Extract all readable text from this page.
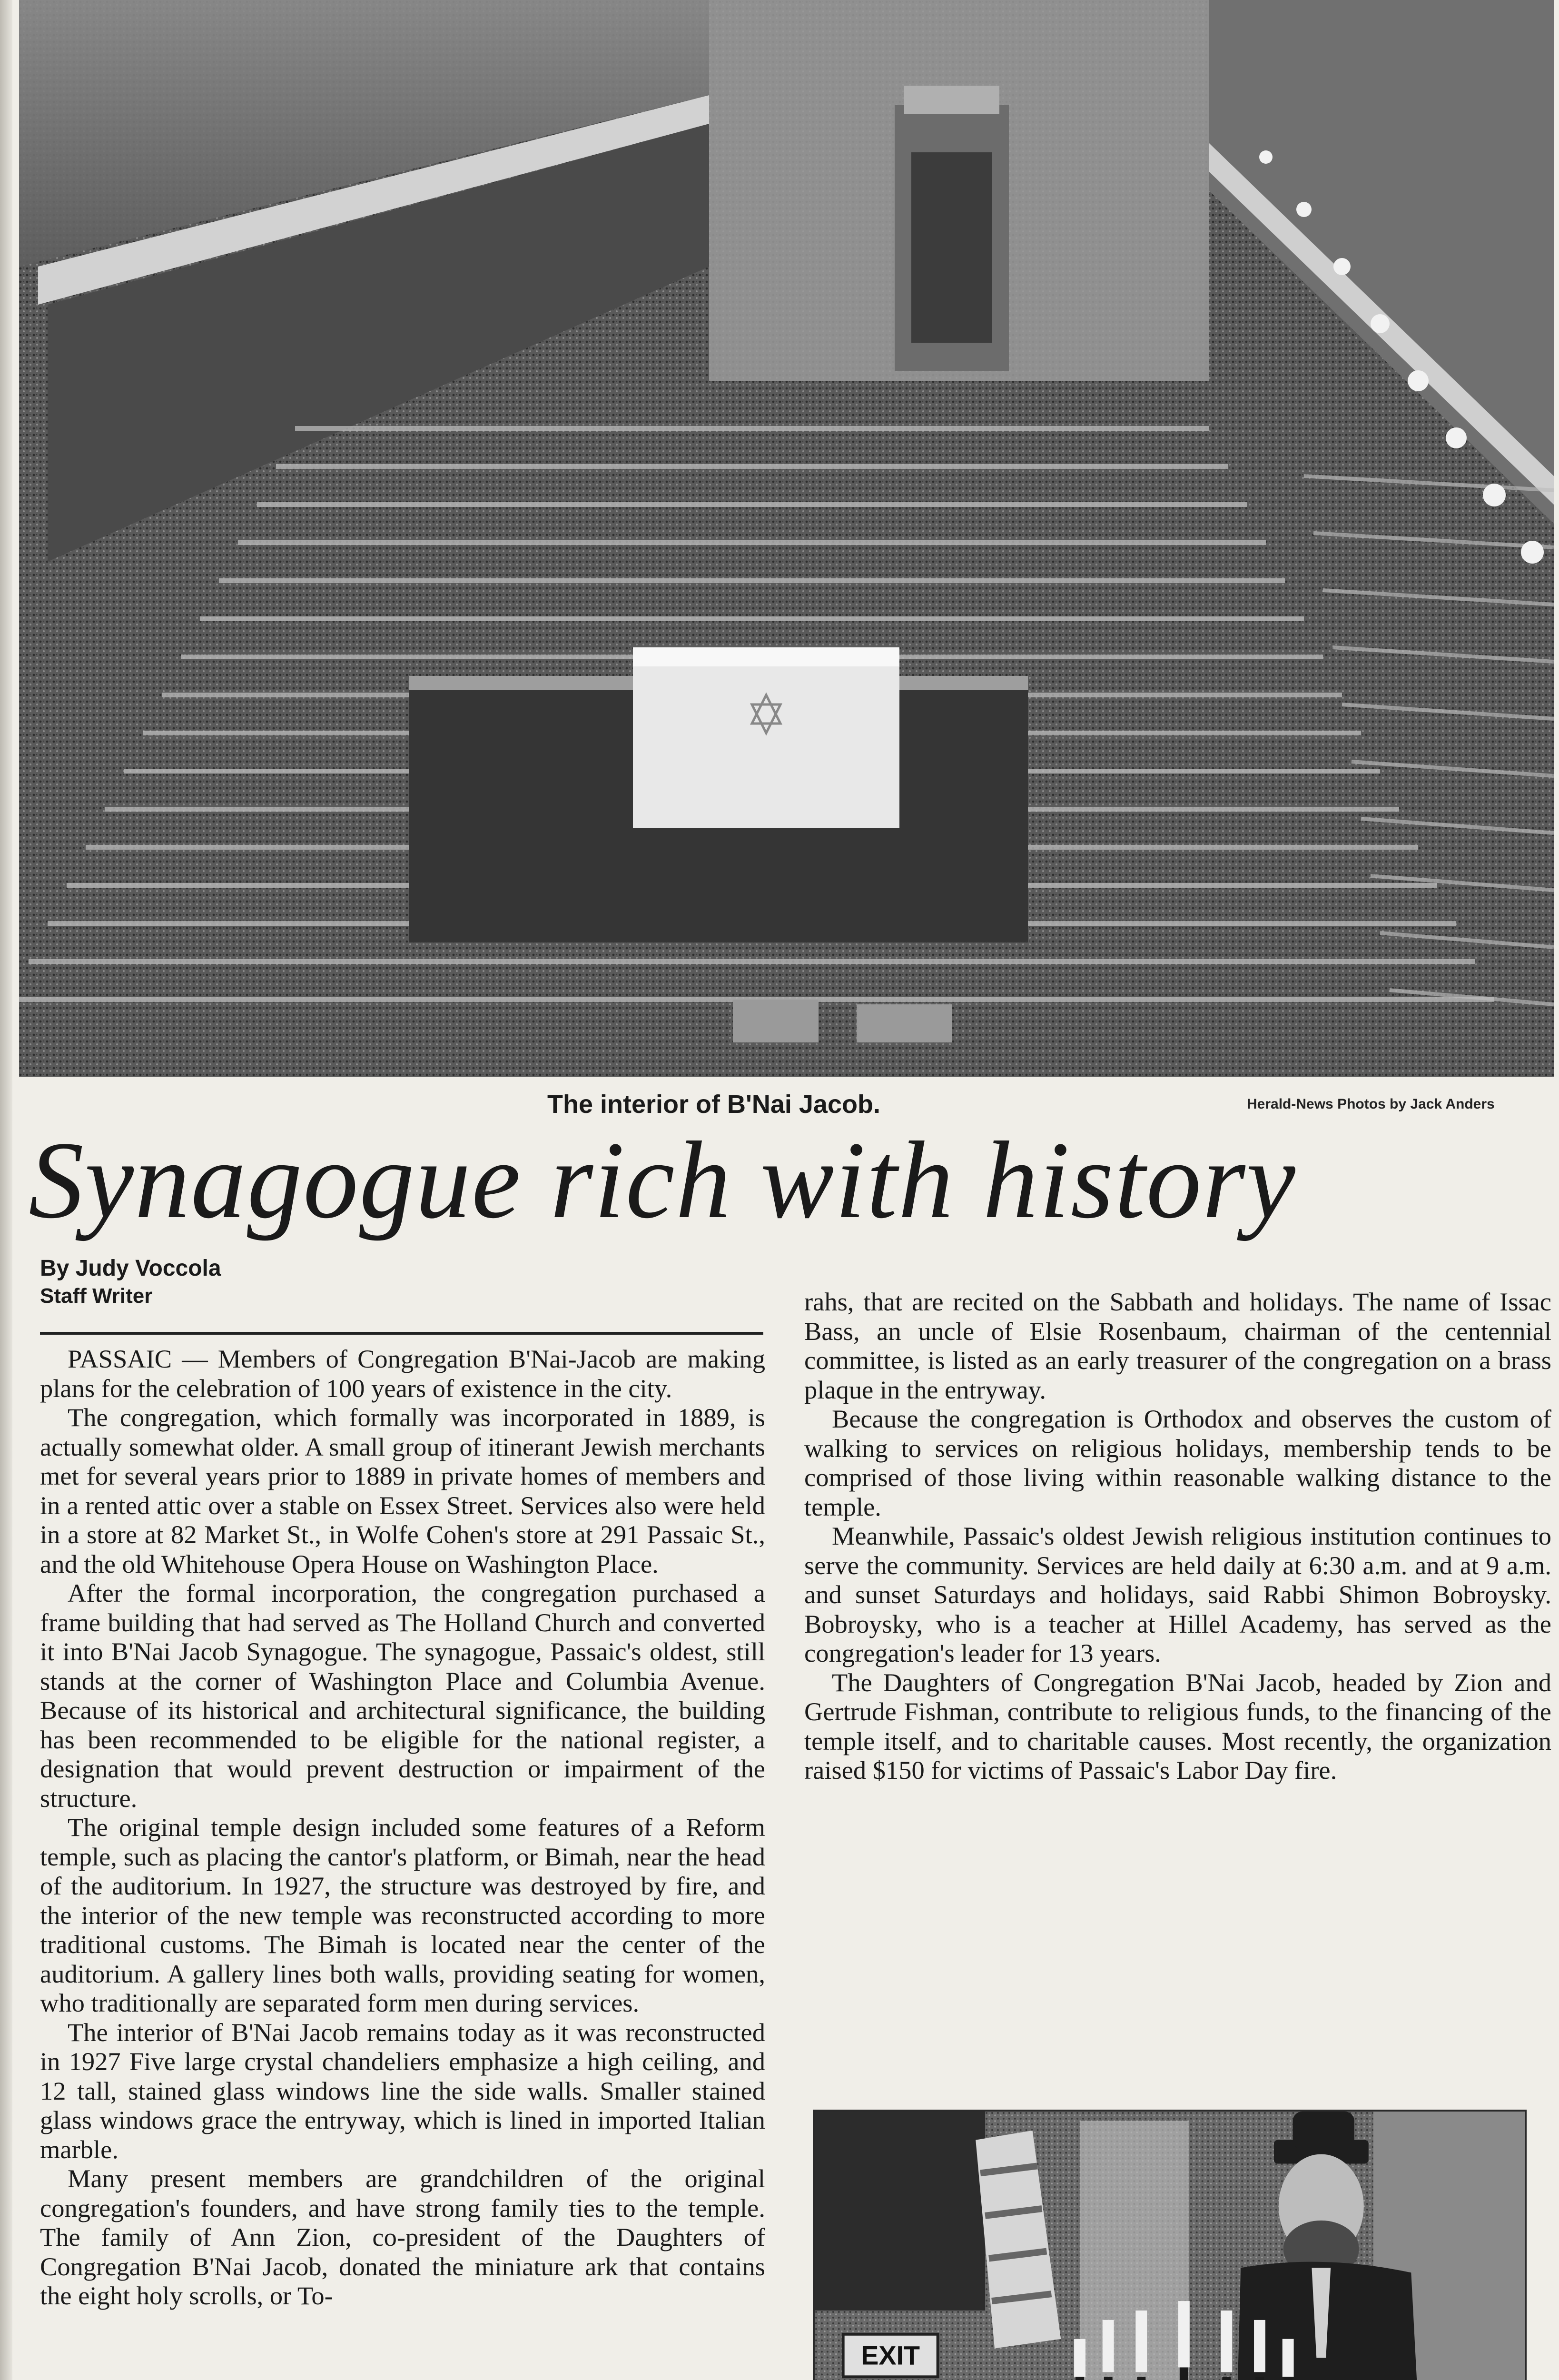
The interior of B'Nai Jacob.	Herald-News Photos by Jack Anders
Synagogue rich with history
By Judy Voccola
Staff Writer

PASSAIC — Members of Congregation B'Nai-Jacob are making plans for the celebration of 100 years of existence in the city.

The congregation, which formally was incorporated in 1889, is actually somewhat older. A small group of itinerant Jewish merchants met for several years prior to 1889 in private homes of members and in a rented attic over a stable on Essex Street. Services also were held in a store at 82 Market St., in Wolfe Cohen's store at 291 Passaic St., and the old Whitehouse Opera House on Washington Place.

After the formal incorporation, the congregation purchased a frame building that had served as The Holland Church and converted it into B'Nai Jacob Synagogue. The synagogue, Passaic's oldest, still stands at the corner of Washington Place and Columbia Avenue. Because of its historical and architectural significance, the building has been recommended to be eligible for the national register, a designation that would prevent destruction or impairment of the structure.

The original temple design included some features of a Reform temple, such as placing the cantor's platform, or Bimah, near the head of the auditorium. In 1927, the structure was destroyed by fire, and the interior of the new temple was reconstructed according to more traditional customs. The Bimah is located near the center of the auditorium. A gallery lines both walls, providing seating for women, who traditionally are separated form men during services.

The interior of B'Nai Jacob remains today as it was reconstructed in 1927 Five large crystal chandeliers emphasize a high ceiling, and 12 tall, stained glass windows line the side walls. Smaller stained glass windows grace the entryway, which is lined in imported Italian marble.

Many present members are grandchildren of the original congregation's founders, and have strong family ties to the temple. The family of Ann Zion, co-president of the Daughters of Congregation B'Nai Jacob, donated the miniature ark that contains the eight holy scrolls, or To-

rahs, that are recited on the Sabbath and holidays. The name of Issac Bass, an uncle of Elsie Rosenbaum, chairman of the centennial committee, is listed as an early treasurer of the congregation on a brass plaque in the entryway.

Because the congregation is Orthodox and observes the custom of walking to services on religious holidays, membership tends to be comprised of those living within reasonable walking distance to the temple.

Meanwhile, Passaic's oldest Jewish religious institution continues to serve the community. Services are held daily at 6:30 a.m. and at 9 a.m. and sunset Saturdays and holidays, said Rabbi Shimon Bobroysky. Bobroysky, who is a teacher at Hillel Academy, has served as the congregation's leader for 13 years.

The Daughters of Congregation B'Nai Jacob, headed by Zion and Gertrude Fishman, contribute to religious funds, to the financing of the temple itself, and to charitable causes. Most recently, the organization raised $150 for victims of Passaic's Labor Day fire.

EXIT
